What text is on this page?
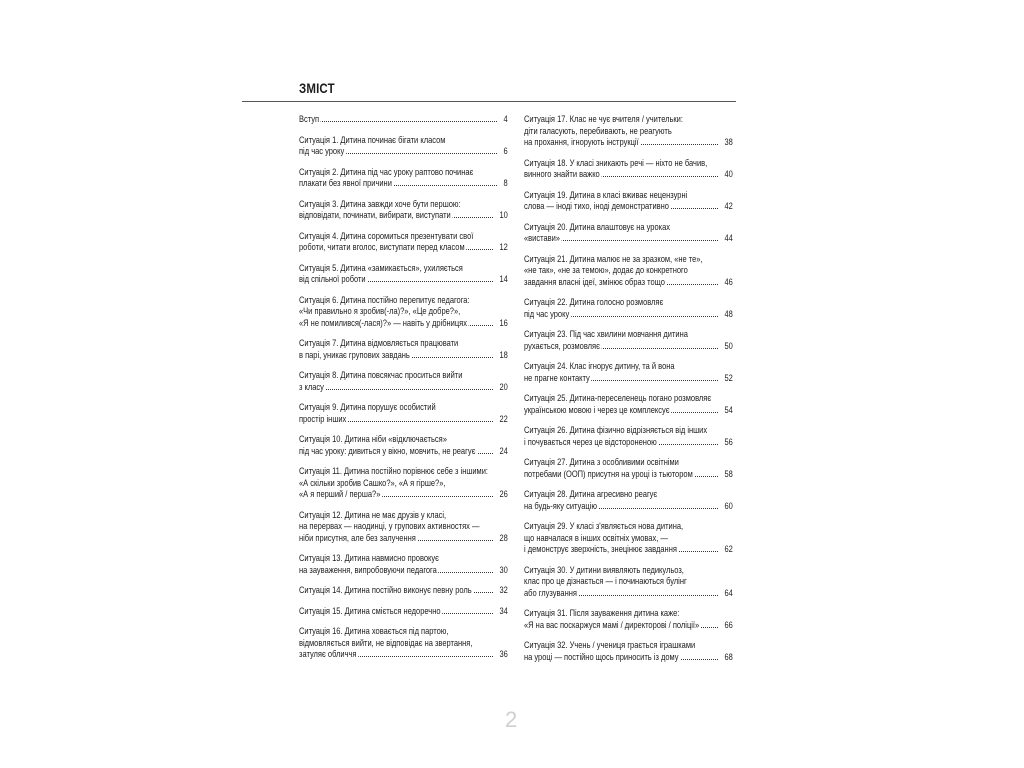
ЗМІСТ
Вступ	4
Ситуація 1. Дитина починає бігати класом
під час уроку	6
Ситуація 2. Дитина під час уроку раптово починає
плакати без явної причини	8
Ситуація 3. Дитина завжди хоче бути першою:
відповідати, починати, вибирати, виступати	10
Ситуація 4. Дитина соромиться презентувати свої
роботи, читати вголос, виступати перед класом	12
Ситуація 5. Дитина «замикається», ухиляється
від спільної роботи	14
Ситуація 6. Дитина постійно перепитує педагога:
«Чи правильно я зробив(-ла)?», «Це добре?»,
«Я не помилився(-лася)?» — навіть у дрібницях	16
Ситуація 7. Дитина відмовляється працювати
в парі, уникає групових завдань	18
Ситуація 8. Дитина повсякчас проситься вийти
з класу	20
Ситуація 9. Дитина порушує особистий
простір інших	22
Ситуація 10. Дитина ніби «відключається»
під час уроку: дивиться у вікно, мовчить, не реагує	24
Ситуація 11. Дитина постійно порівнює себе з іншими:
«А скільки зробив Сашко?», «А я гірше?»,
«А я перший / перша?»	26
Ситуація 12. Дитина не має друзів у класі,
на перервах — наодинці, у групових активностях —
ніби присутня, але без залучення	28
Ситуація 13. Дитина навмисно провокує
на зауваження, випробовуючи педагога	30
Ситуація 14. Дитина постійно виконує певну роль	32
Ситуація 15. Дитина сміється недоречно	34
Ситуація 16. Дитина ховається під партою,
відмовляється вийти, не відповідає на звертання,
затуляє обличчя	36
Ситуація 17. Клас не чує вчителя / учительки:
діти галасують, перебивають, не реагують
на прохання, ігнорують інструкції	38
Ситуація 18. У класі зникають речі — ніхто не бачив,
винного знайти важко	40
Ситуація 19. Дитина в класі вживає нецензурні
слова — іноді тихо, іноді демонстративно	42
Ситуація 20. Дитина влаштовує на уроках
«вистави»	44
Ситуація 21. Дитина малює не за зразком, «не те»,
«не так», «не за темою», додає до конкретного
завдання власні ідеї, змінює образ тощо	46
Ситуація 22. Дитина голосно розмовляє
під час уроку	48
Ситуація 23. Під час хвилини мовчання дитина
рухається, розмовляє	50
Ситуація 24. Клас ігнорує дитину, та й вона
не прагне контакту	52
Ситуація 25. Дитина-переселенець погано розмовляє
українською мовою і через це комплексує	54
Ситуація 26. Дитина фізично відрізняється від інших
і почувається через це відстороненою	56
Ситуація 27. Дитина з особливими освітніми
потребами (ООП) присутня на уроці із тьютором	58
Ситуація 28. Дитина агресивно реагує
на будь-яку ситуацію	60
Ситуація 29. У класі з'являється нова дитина,
що навчалася в інших освітніх умовах, —
і демонструє зверхність, знецінює завдання	62
Ситуація 30. У дитини виявляють педикульоз,
клас про це дізнається — і починаються булінг
або глузування	64
Ситуація 31. Після зауваження дитина каже:
«Я на вас поскаржуся мамі / директорові / поліції»	66
Ситуація 32. Учень / учениця грається іграшками
на уроці — постійно щось приносить із дому	68
2
